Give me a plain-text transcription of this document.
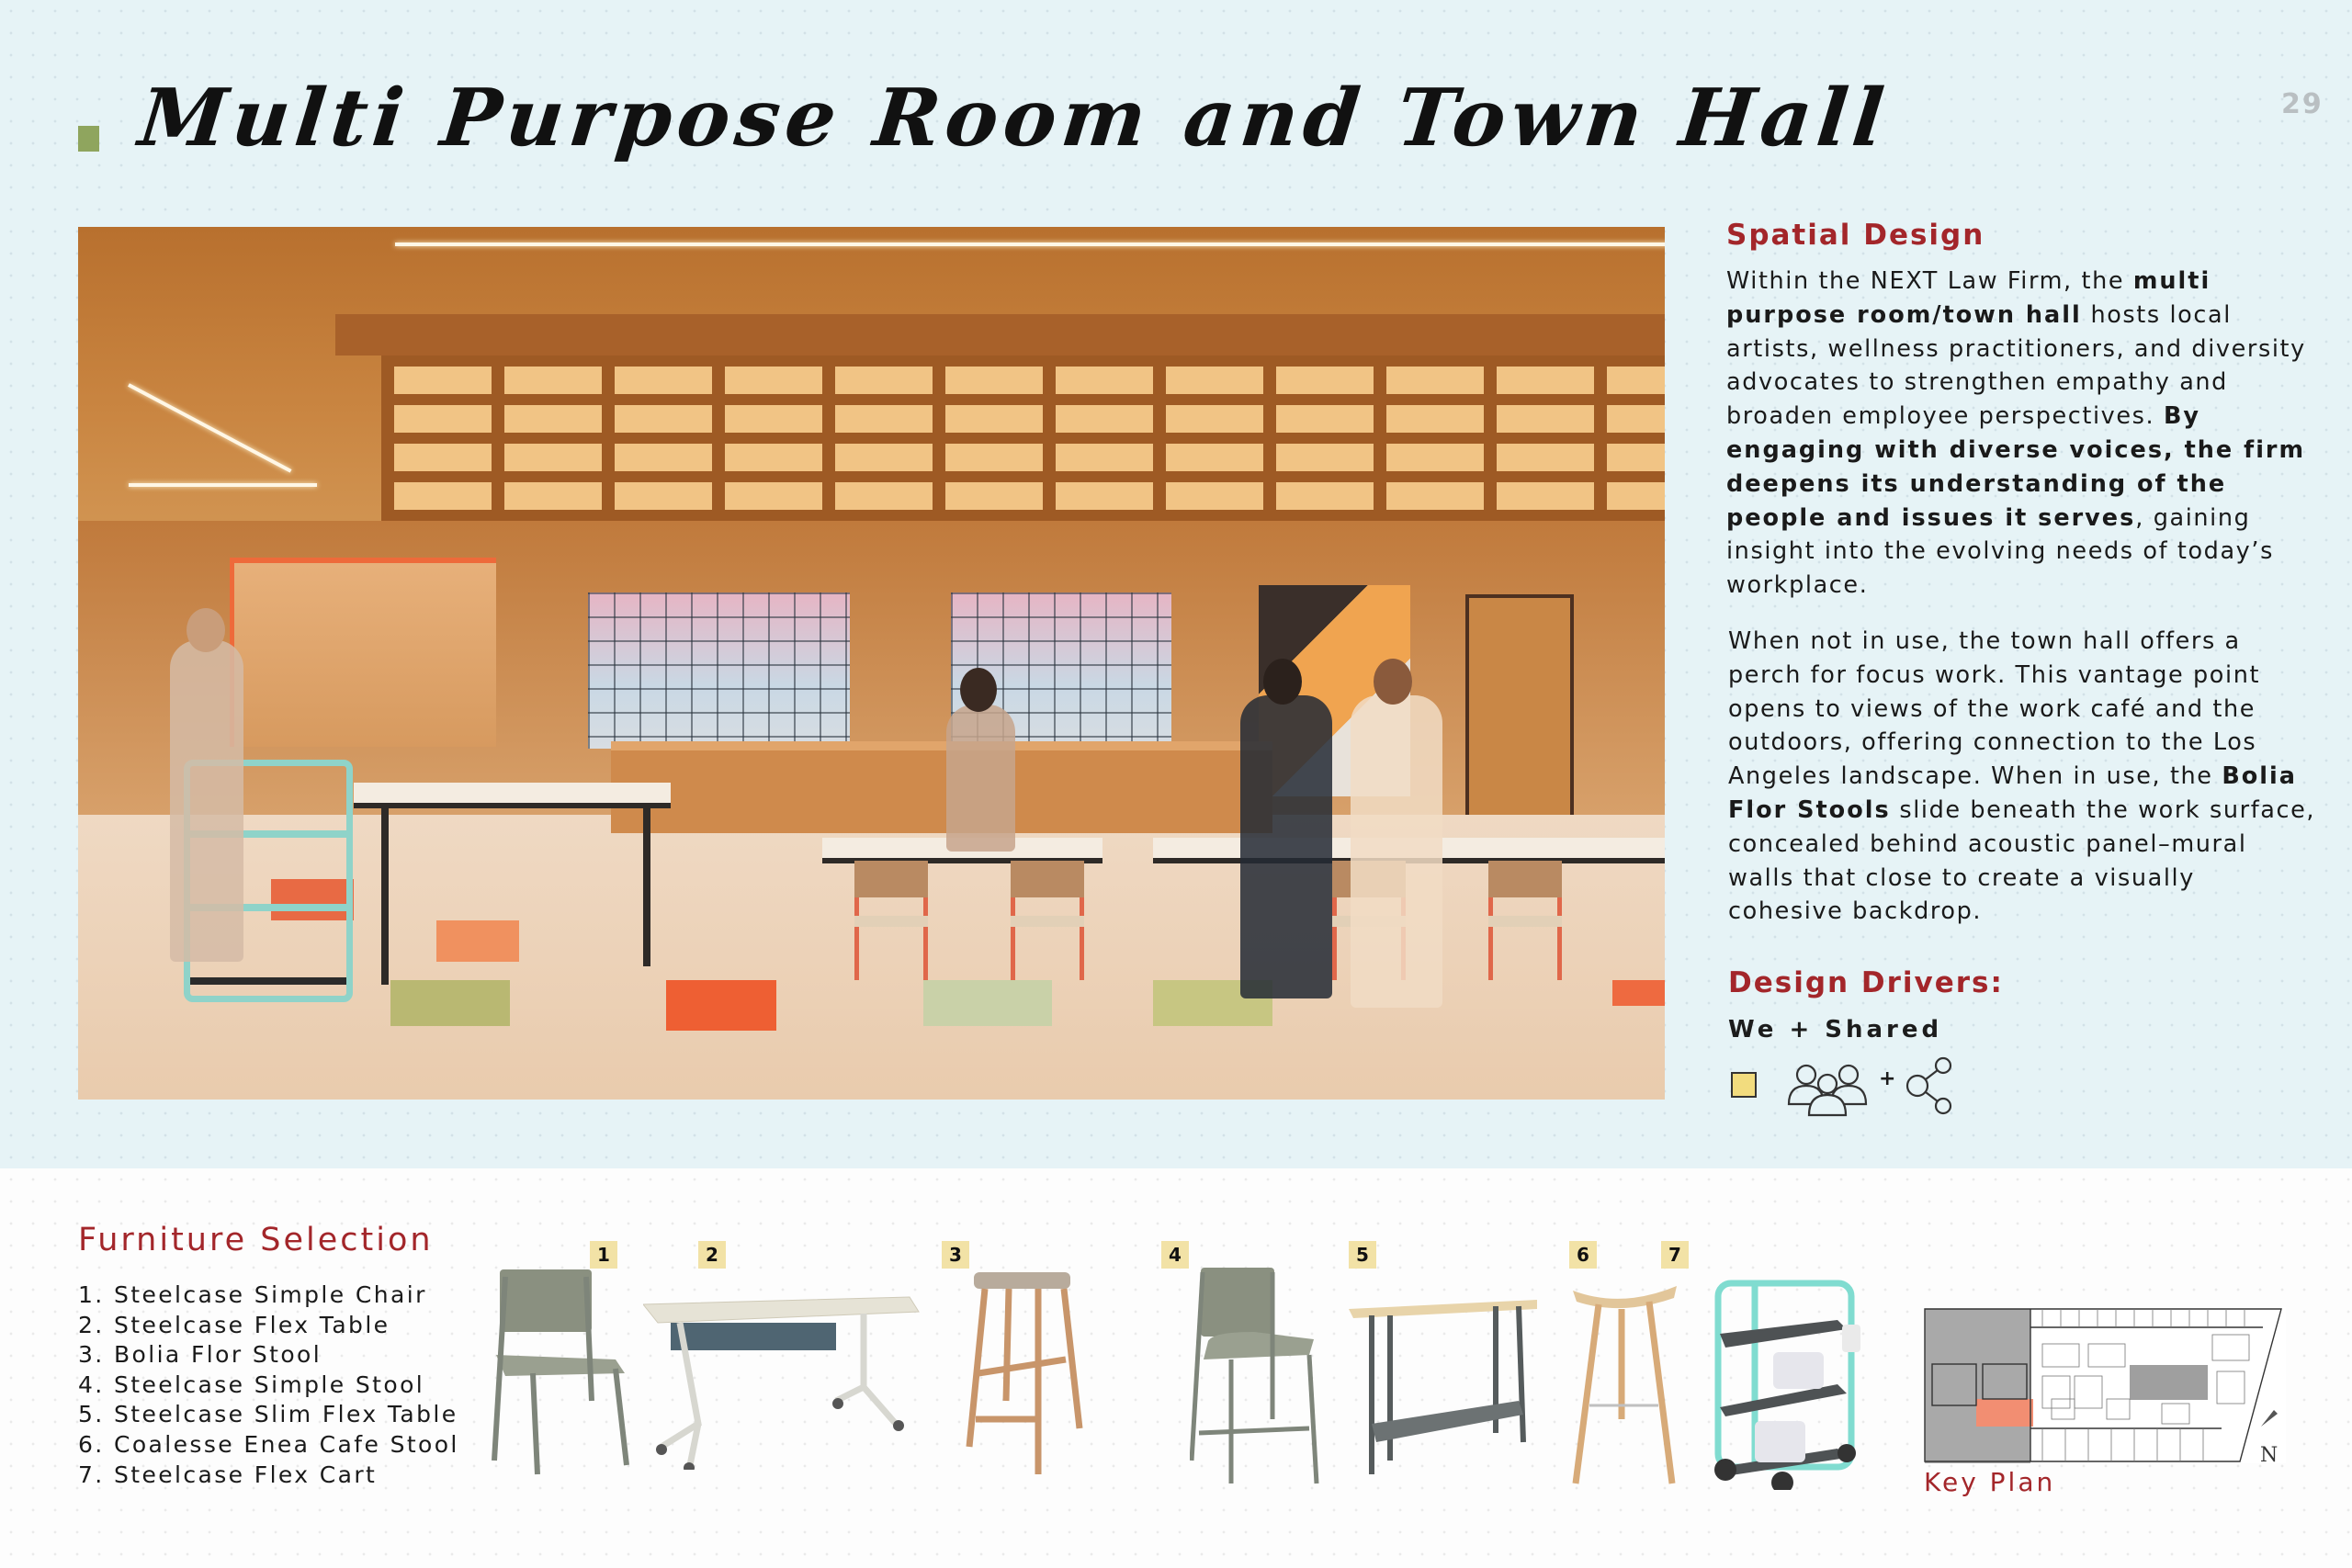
Multi Purpose Room and Town Hall	29
Spatial Design

Within the NEXT Law Firm, the multi purpose room/town hall hosts local artists, wellness practitioners, and diversity advocates to strengthen empathy and broaden employee perspectives. By engaging with diverse voices, the firm deepens its understanding of the people and issues it serves, gaining insight into the evolving needs of today’s workplace.

When not in use, the town hall offers a perch for focus work. This vantage point opens to views of the work café and the outdoors, offering connection to the Los Angeles landscape. When in use, the Bolia Flor Stools slide beneath the work surface, concealed behind acoustic panel–mural walls that close to create a visually cohesive backdrop.

Design Drivers:
We + Shared
+
Furniture Selection
1. Steelcase Simple Chair
2. Steelcase Flex Table
3. Bolia Flor Stool
4. Steelcase Simple Stool
5. Steelcase Slim Flex Table
6. Coalesse Enea Cafe Stool
7. Steelcase Flex Cart
1	2	3	4	5	6	7
N
Key Plan
